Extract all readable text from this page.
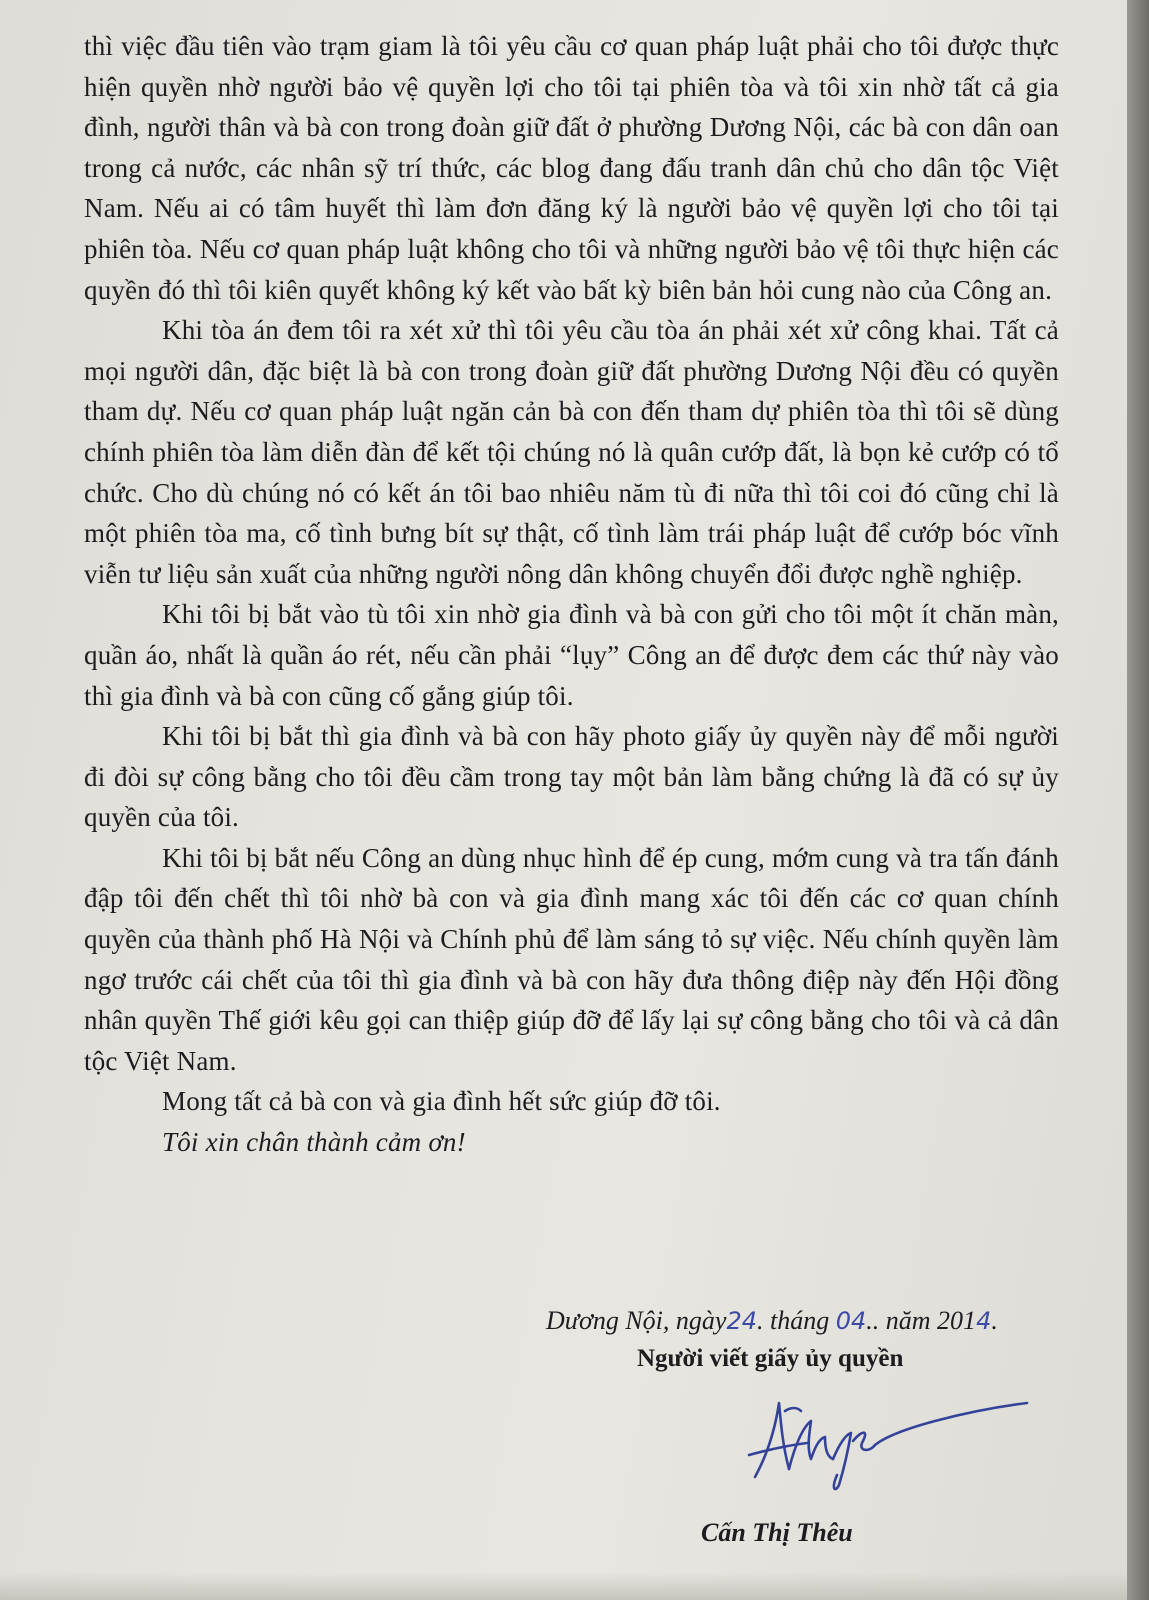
thì việc đầu tiên vào trạm giam là tôi yêu cầu cơ quan pháp luật phải cho tôi được thực hiện quyền nhờ người bảo vệ quyền lợi cho tôi tại phiên tòa và tôi xin nhờ tất cả gia đình, người thân và bà con trong đoàn giữ đất ở phường Dương Nội, các bà con dân oan trong cả nước, các nhân sỹ trí thức, các blog đang đấu tranh dân chủ cho dân tộc Việt Nam. Nếu ai có tâm huyết thì làm đơn đăng ký là người bảo vệ quyền lợi cho tôi tại phiên tòa. Nếu cơ quan pháp luật không cho tôi và những người bảo vệ tôi thực hiện các quyền đó thì tôi kiên quyết không ký kết vào bất kỳ biên bản hỏi cung nào của Công an.

Khi tòa án đem tôi ra xét xử thì tôi yêu cầu tòa án phải xét xử công khai. Tất cả mọi người dân, đặc biệt là bà con trong đoàn giữ đất phường Dương Nội đều có quyền tham dự. Nếu cơ quan pháp luật ngăn cản bà con đến tham dự phiên tòa thì tôi sẽ dùng chính phiên tòa làm diễn đàn để kết tội chúng nó là quân cướp đất, là bọn kẻ cướp có tổ chức. Cho dù chúng nó có kết án tôi bao nhiêu năm tù đi nữa thì tôi coi đó cũng chỉ là một phiên tòa ma, cố tình bưng bít sự thật, cố tình làm trái pháp luật để cướp bóc vĩnh viễn tư liệu sản xuất của những người nông dân không chuyển đổi được nghề nghiệp.

Khi tôi bị bắt vào tù tôi xin nhờ gia đình và bà con gửi cho tôi một ít chăn màn, quần áo, nhất là quần áo rét, nếu cần phải “lụy” Công an để được đem các thứ này vào thì gia đình và bà con cũng cố gắng giúp tôi.

Khi tôi bị bắt thì gia đình và bà con hãy photo giấy ủy quyền này để mỗi người đi đòi sự công bằng cho tôi đều cầm trong tay một bản làm bằng chứng là đã có sự ủy quyền của tôi.

Khi tôi bị bắt nếu Công an dùng nhục hình để ép cung, mớm cung và tra tấn đánh đập tôi đến chết thì tôi nhờ bà con và gia đình mang xác tôi đến các cơ quan chính quyền của thành phố Hà Nội và Chính phủ để làm sáng tỏ sự việc. Nếu chính quyền làm ngơ trước cái chết của tôi thì gia đình và bà con hãy đưa thông điệp này đến Hội đồng nhân quyền Thế giới kêu gọi can thiệp giúp đỡ để lấy lại sự công bằng cho tôi và cả dân tộc Việt Nam.

Mong tất cả bà con và gia đình hết sức giúp đỡ tôi.

Tôi xin chân thành cảm ơn!

Dương Nội, ngày24. tháng 04.. năm 2014.
Người viết giấy ủy quyền
Cấn Thị Thêu
